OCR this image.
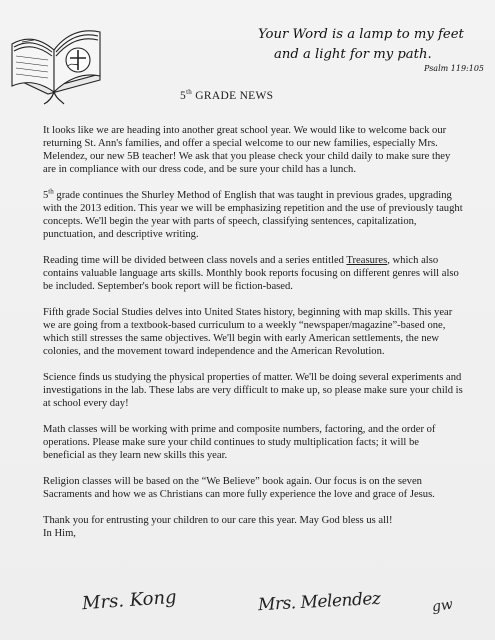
Your Word is a lamp to my feet
and a light for my path.
Psalm 119:105
5th GRADE NEWS

It looks like we are heading into another great school year. We would like to welcome back our returning St. Ann's families, and offer a special welcome to our new families, especially Mrs. Melendez, our new 5B teacher! We ask that you please check your child daily to make sure they are in compliance with our dress code, and be sure your child has a lunch.

5th grade continues the Shurley Method of English that was taught in previous grades, upgrading with the 2013 edition. This year we will be emphasizing repetition and the use of previously taught concepts. We'll begin the year with parts of speech, classifying sentences, capitalization, punctuation, and descriptive writing.

Reading time will be divided between class novels and a series entitled Treasures, which also contains valuable language arts skills. Monthly book reports focusing on different genres will also be included. September's book report will be fiction-based.

Fifth grade Social Studies delves into United States history, beginning with map skills. This year we are going from a textbook-based curriculum to a weekly “newspaper/magazine”-based one, which still stresses the same objectives. We'll begin with early American settlements, the new colonies, and the movement toward independence and the American Revolution.

Science finds us studying the physical properties of matter. We'll be doing several experiments and investigations in the lab. These labs are very difficult to make up, so please make sure your child is at school every day!

Math classes will be working with prime and composite numbers, factoring, and the order of operations. Please make sure your child continues to study multiplication facts; it will be beneficial as they learn new skills this year.

Religion classes will be based on the “We Believe” book again. Our focus is on the seven Sacraments and how we as Christians can more fully experience the love and grace of Jesus.

Thank you for entrusting your children to our care this year. May God bless us all!

In Him,

Mrs. Kong	Mrs. Melendez	gw
